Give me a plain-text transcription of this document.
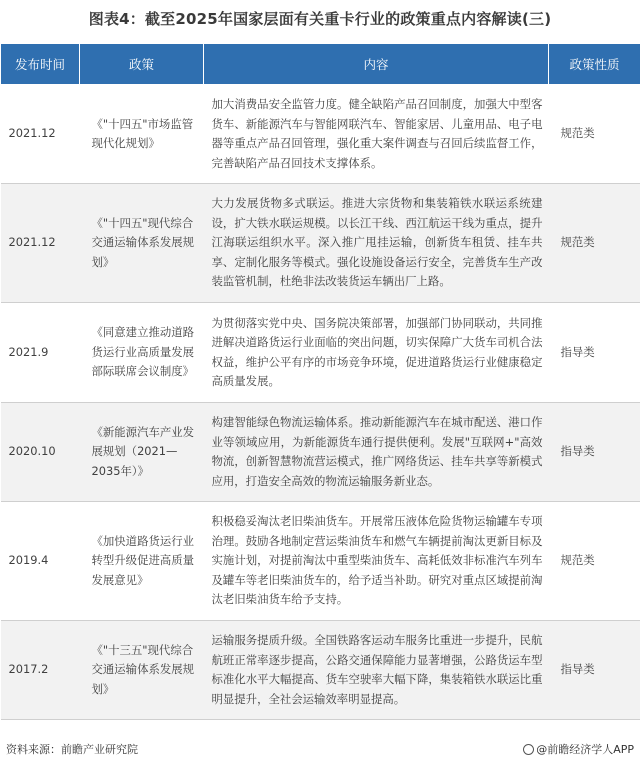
图表4：截至2025年国家层面有关重卡行业的政策重点内容解读(三)
发布时间	政策	内容	政策性质
2021.12	《"十四五"市场监管现代化规划》	加大消费品安全监管力度。健全缺陷产品召回制度，加强大中型客货车、新能源汽车与智能网联汽车、智能家居、儿童用品、电子电器等重点产品召回管理，强化重大案件调查与召回后续监督工作，完善缺陷产品召回技术支撑体系。	规范类
2021.12	《"十四五"现代综合交通运输体系发展规划》	大力发展货物多式联运。推进大宗货物和集装箱铁水联运系统建设，扩大铁水联运规模。以长江干线、西江航运干线为重点，提升江海联运组织水平。深入推广甩挂运输，创新货车租赁、挂车共享、定制化服务等模式。强化设施设备运行安全，完善货车生产改装监管机制，杜绝非法改装货运车辆出厂上路。	规范类
2021.9	《同意建立推动道路货运行业高质量发展部际联席会议制度》	为贯彻落实党中央、国务院决策部署，加强部门协同联动，共同推进解决道路货运行业面临的突出问题，切实保障广大货车司机合法权益，维护公平有序的市场竞争环境，促进道路货运行业健康稳定高质量发展。	指导类
2020.10	《新能源汽车产业发展规划（2021—2035年）》	构建智能绿色物流运输体系。推动新能源汽车在城市配送、港口作业等领域应用，为新能源货车通行提供便利。发展"互联网+"高效物流，创新智慧物流营运模式，推广网络货运、挂车共享等新模式应用，打造安全高效的物流运输服务新业态。	指导类
2019.4	《加快道路货运行业转型升级促进高质量发展意见》	积极稳妥淘汰老旧柴油货车。开展常压液体危险货物运输罐车专项治理。鼓励各地制定营运柴油货车和燃气车辆提前淘汰更新目标及实施计划，对提前淘汰中重型柴油货车、高耗低效非标准汽车列车及罐车等老旧柴油货车的，给予适当补助。研究对重点区域提前淘汰老旧柴油货车给予支持。	规范类
2017.2	《"十三五"现代综合交通运输体系发展规划》	运输服务提质升级。全国铁路客运动车服务比重进一步提升，民航航班正常率逐步提高，公路交通保障能力显著增强，公路货运车型标准化水平大幅提高、货车空驶率大幅下降，集装箱铁水联运比重明显提升，全社会运输效率明显提高。	指导类
资料来源：前瞻产业研究院	@前瞻经济学人APP
